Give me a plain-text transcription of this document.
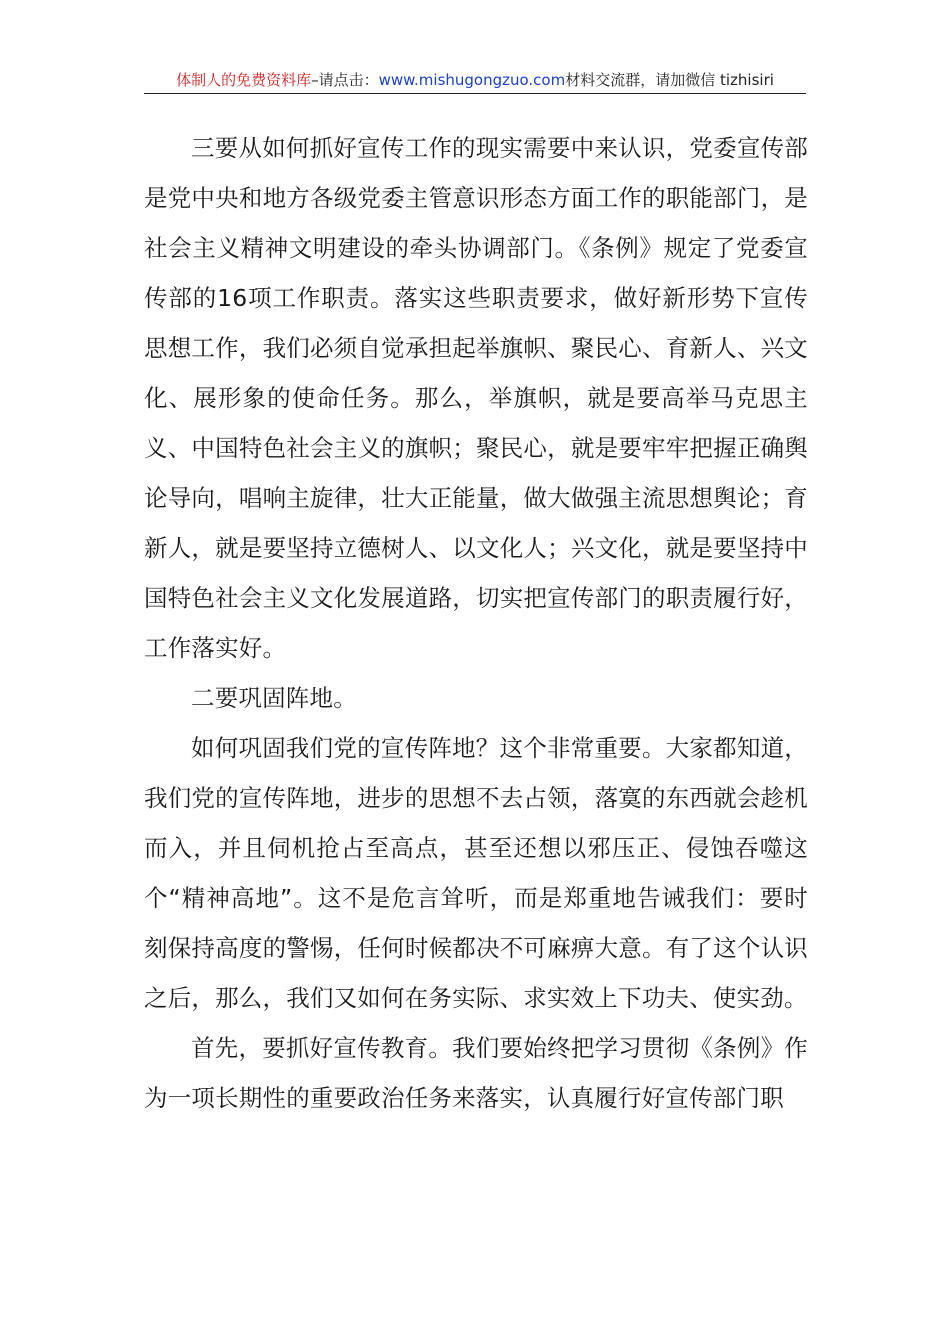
体制人的免费资料库–请点击：www.mishugongzuo.com材料交流群，请加微信 tizhisiri

三要从如何抓好宣传工作的现实需要中来认识，党委宣传部是党中央和地方各级党委主管意识形态方面工作的职能部门，是社会主义精神文明建设的牵头协调部门。《条例》规定了党委宣传部的16项工作职责。落实这些职责要求，做好新形势下宣传思想工作，我们必须自觉承担起举旗帜、聚民心、育新人、兴文化、展形象的使命任务。那么，举旗帜，就是要高举马克思主义、中国特色社会主义的旗帜；聚民心，就是要牢牢把握正确舆论导向，唱响主旋律，壮大正能量，做大做强主流思想舆论；育新人，就是要坚持立德树人、以文化人；兴文化，就是要坚持中国特色社会主义文化发展道路，切实把宣传部门的职责履行好，工作落实好。

二要巩固阵地。

如何巩固我们党的宣传阵地？这个非常重要。大家都知道，我们党的宣传阵地，进步的思想不去占领，落寞的东西就会趁机而入，并且伺机抢占至高点，甚至还想以邪压正、侵蚀吞噬这个“精神高地”。这不是危言耸听，而是郑重地告诫我们：要时刻保持高度的警惕，任何时候都决不可麻痹大意。有了这个认识之后，那么，我们又如何在务实际、求实效上下功夫、使实劲。

首先，要抓好宣传教育。我们要始终把学习贯彻《条例》作为一项长期性的重要政治任务来落实，认真履行好宣传部门职
